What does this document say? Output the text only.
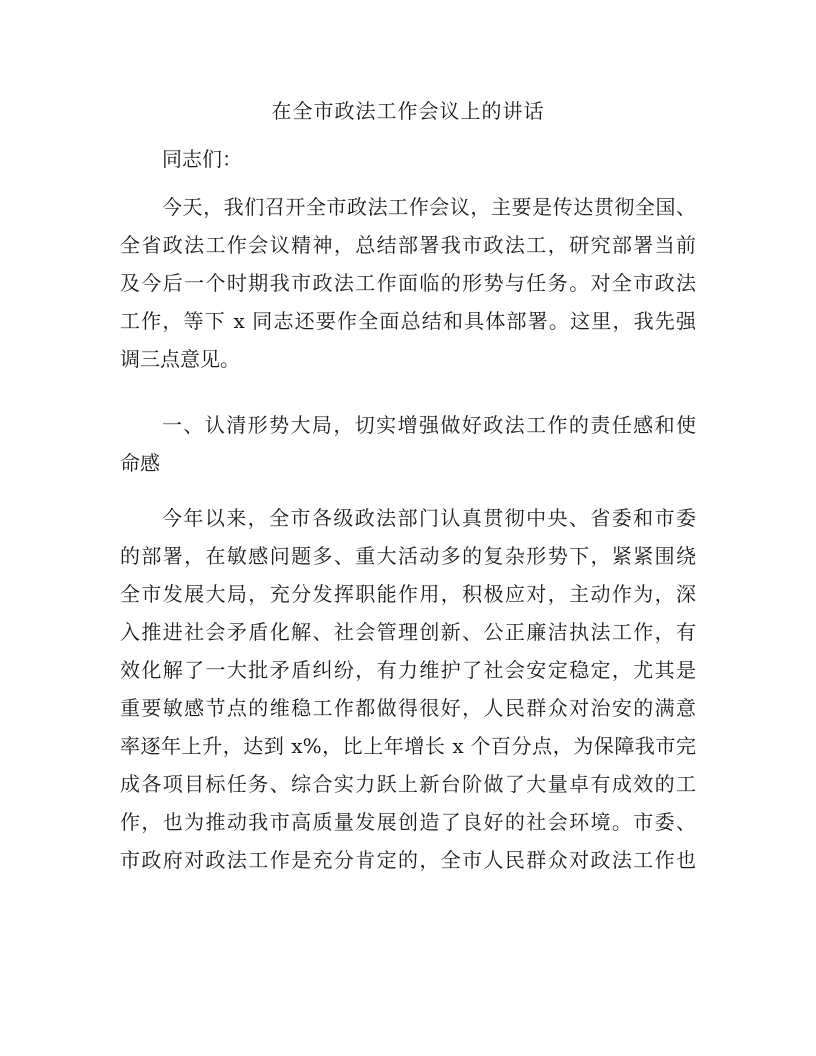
在全市政法工作会议上的讲话
同志们：
今天，我们召开全市政法工作会议，主要是传达贯彻全国、
全省政法工作会议精神，总结部署我市政法工，研究部署当前
及今后一个时期我市政法工作面临的形势与任务。对全市政法
工作，等下 x 同志还要作全面总结和具体部署。这里，我先强
调三点意见。
一、认清形势大局，切实增强做好政法工作的责任感和使
命感
今年以来，全市各级政法部门认真贯彻中央、省委和市委
的部署，在敏感问题多、重大活动多的复杂形势下，紧紧围绕
全市发展大局，充分发挥职能作用，积极应对，主动作为，深
入推进社会矛盾化解、社会管理创新、公正廉洁执法工作，有
效化解了一大批矛盾纠纷，有力维护了社会安定稳定，尤其是
重要敏感节点的维稳工作都做得很好，人民群众对治安的满意
率逐年上升，达到 x%，比上年增长 x 个百分点，为保障我市完
成各项目标任务、综合实力跃上新台阶做了大量卓有成效的工
作，也为推动我市高质量发展创造了良好的社会环境。市委、
市政府对政法工作是充分肯定的，全市人民群众对政法工作也
